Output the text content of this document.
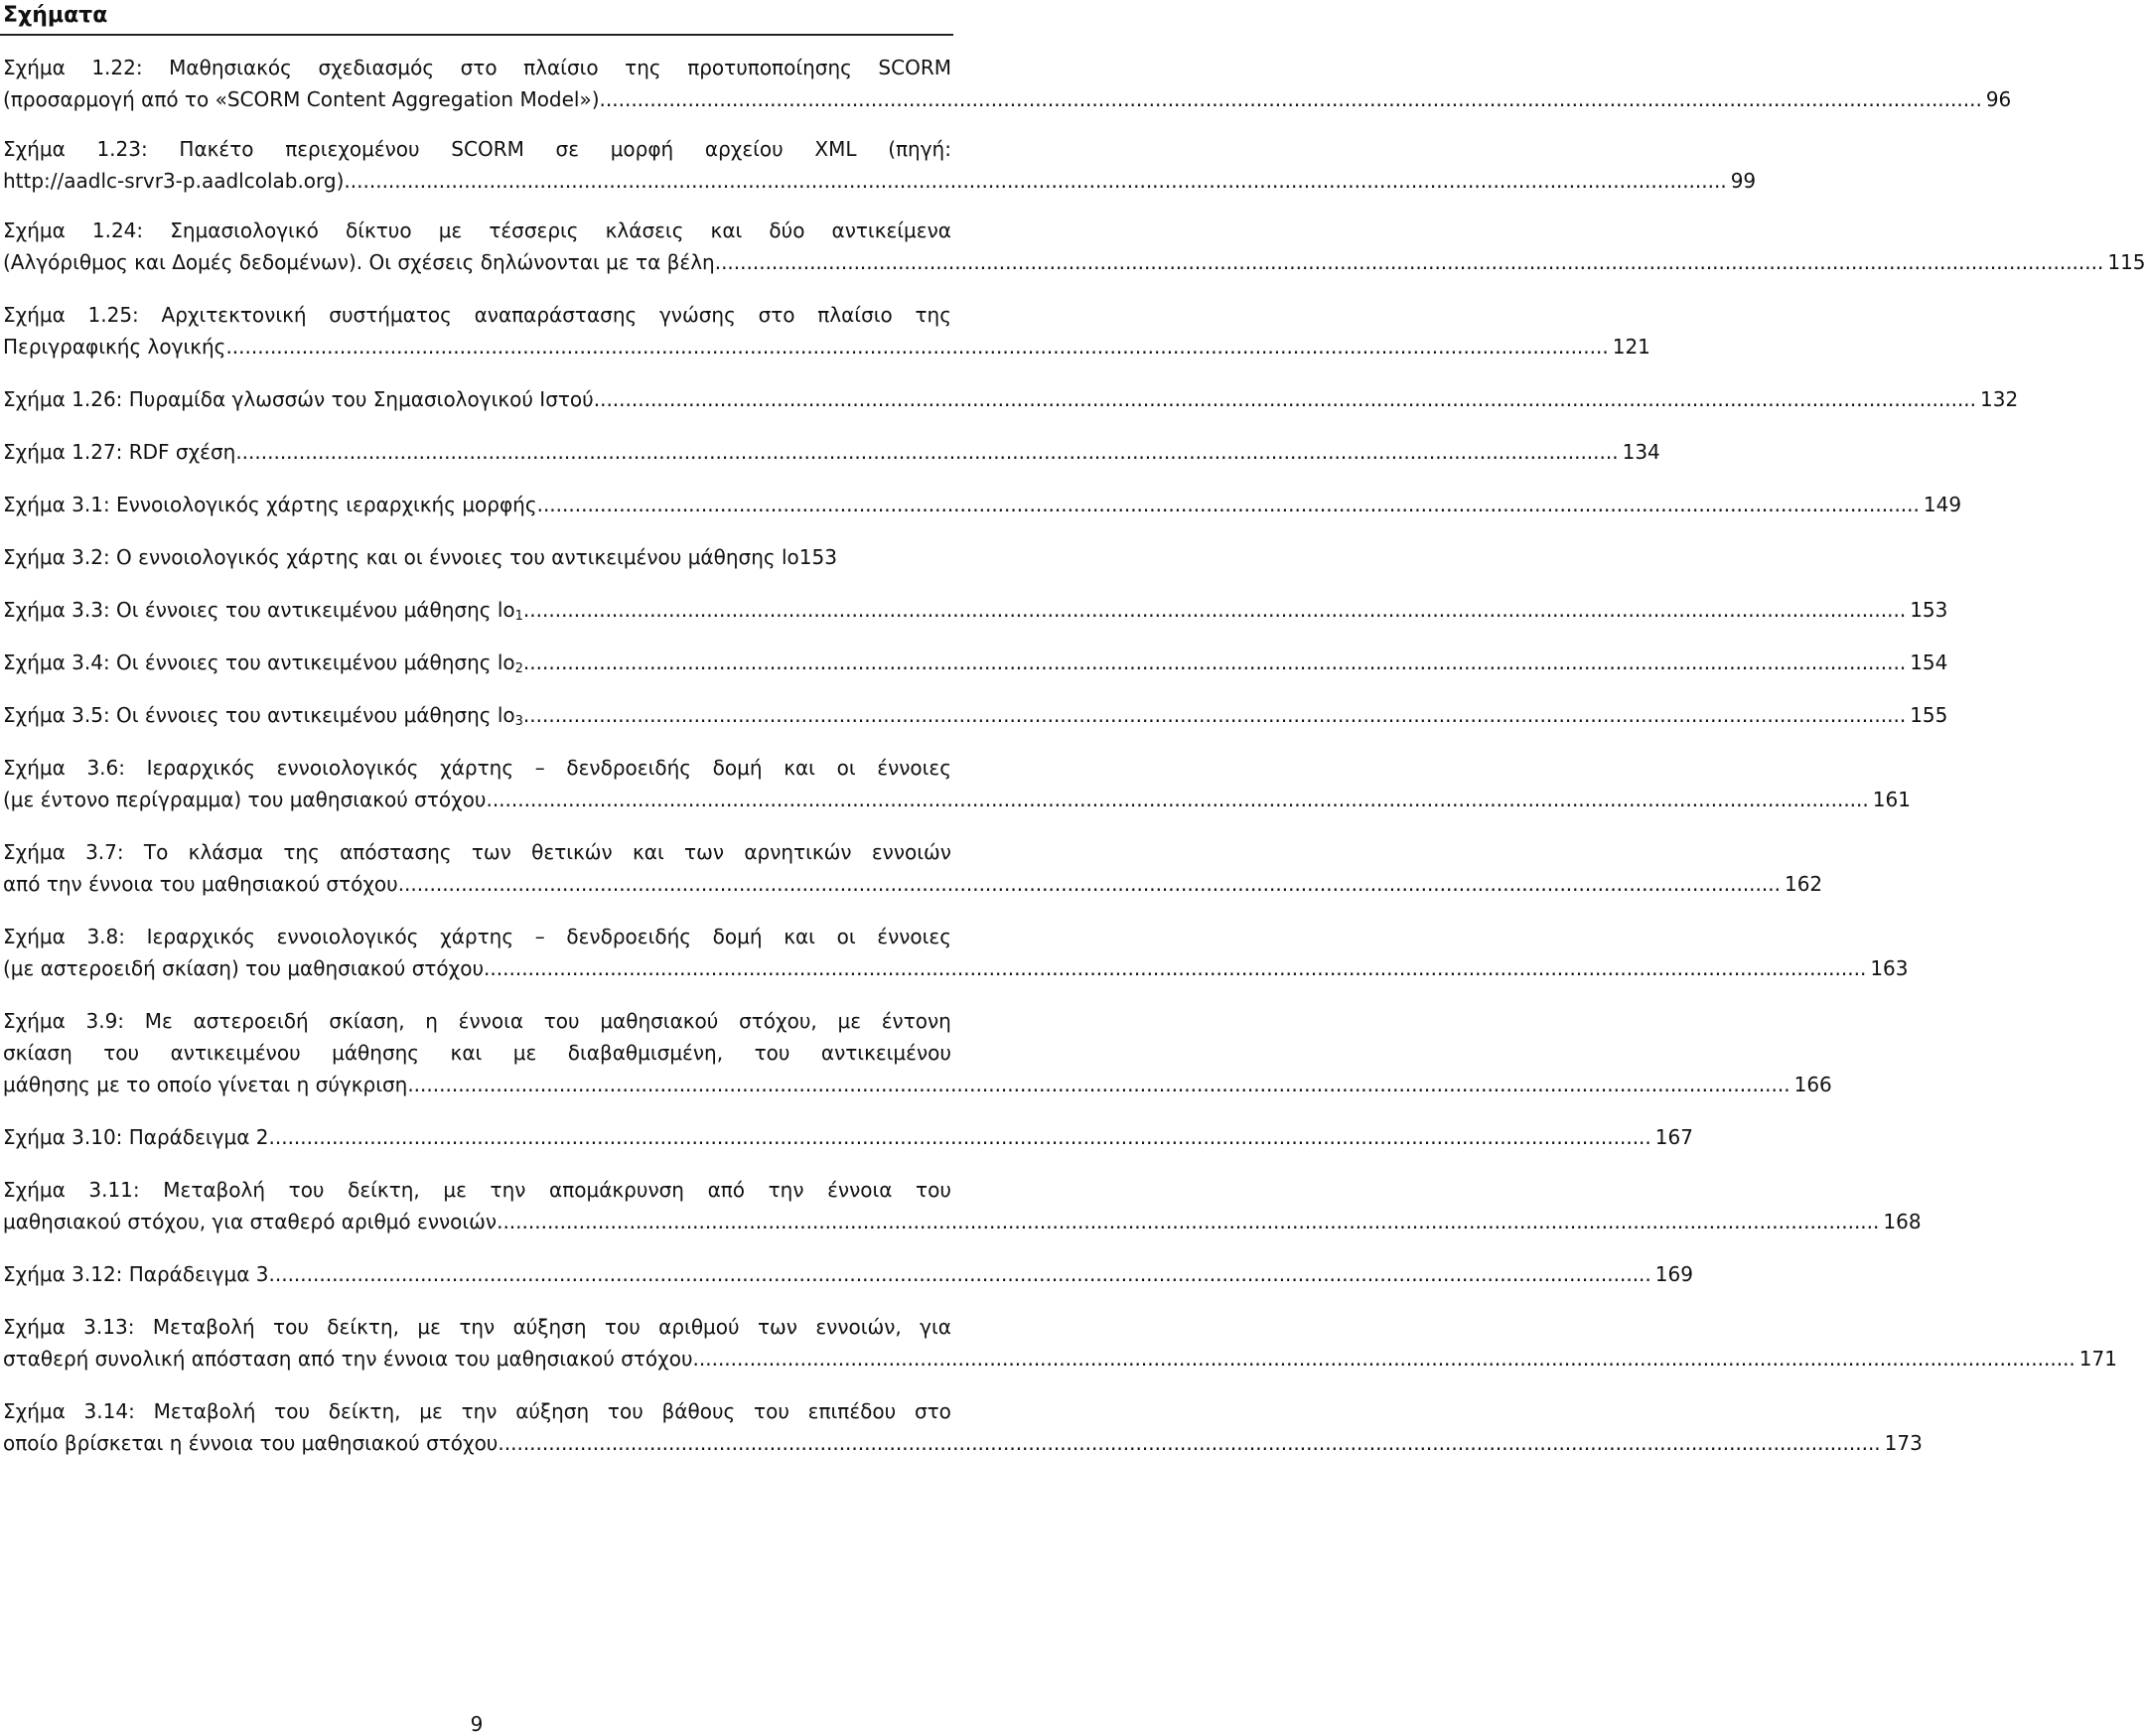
Σχήματα
Σχήμα 1.22: Μαθησιακός σχεδιασμός στο πλαίσιο της προτυποποίησης SCORM
(προσαρμογή από το «SCORM Content Aggregation Model») .....	96
Σχήμα 1.23: Πακέτο περιεχομένου SCORM σε μορφή αρχείου XML (πηγή:
http://aadlc-srvr3-p.aadlcolab.org) .....	99
Σχήμα 1.24: Σημασιολογικό δίκτυο με τέσσερις κλάσεις και δύο αντικείμενα
(Αλγόριθμος και Δομές δεδομένων). Οι σχέσεις δηλώνονται με τα βέλη. .....	115
Σχήμα 1.25: Αρχιτεκτονική συστήματος αναπαράστασης γνώσης στο πλαίσιο της
Περιγραφικής λογικής .....	121
Σχήμα 1.26: Πυραμίδα γλωσσών του Σημασιολογικού Ιστού .....	132
Σχήμα 1.27: RDF σχέση .....	134
Σχήμα 3.1: Εννοιολογικός χάρτης ιεραρχικής μορφής .....	149
Σχήμα 3.2: Ο εννοιολογικός χάρτης και οι έννοιες του αντικειμένου μάθησης lo 153
Σχήμα 3.3: Οι έννοιες του αντικειμένου μάθησης $lo_1$ .....	153
Σχήμα 3.4: Οι έννοιες του αντικειμένου μάθησης $lo_2$ .....	154
Σχήμα 3.5: Οι έννοιες του αντικειμένου μάθησης $lo_3$ .....	155
Σχήμα 3.6: Ιεραρχικός εννοιολογικός χάρτης – δενδροειδής δομή και οι έννοιες
(με έντονο περίγραμμα) του μαθησιακού στόχου .....	161
Σχήμα 3.7: Το κλάσμα της απόστασης των θετικών και των αρνητικών εννοιών
από την έννοια του μαθησιακού στόχου .....	162
Σχήμα 3.8: Ιεραρχικός εννοιολογικός χάρτης – δενδροειδής δομή και οι έννοιες
(με αστεροειδή σκίαση) του μαθησιακού στόχου .....	163
Σχήμα 3.9: Με αστεροειδή σκίαση, η έννοια του μαθησιακού στόχου, με έντονη
σκίαση του αντικειμένου μάθησης και με διαβαθμισμένη, του αντικειμένου
μάθησης με το οποίο γίνεται η σύγκριση .....	166
Σχήμα 3.10: Παράδειγμα 2 .....	167
Σχήμα 3.11: Μεταβολή του δείκτη, με την απομάκρυνση από την έννοια του
μαθησιακού στόχου, για σταθερό αριθμό εννοιών .....	168
Σχήμα 3.12: Παράδειγμα 3 .....	169
Σχήμα 3.13: Μεταβολή του δείκτη, με την αύξηση του αριθμού των εννοιών, για
σταθερή συνολική απόσταση από την έννοια του μαθησιακού στόχου .....	171
Σχήμα 3.14: Μεταβολή του δείκτη, με την αύξηση του βάθους του επιπέδου στο
οποίο βρίσκεται η έννοια του μαθησιακού στόχου .....	173
9
